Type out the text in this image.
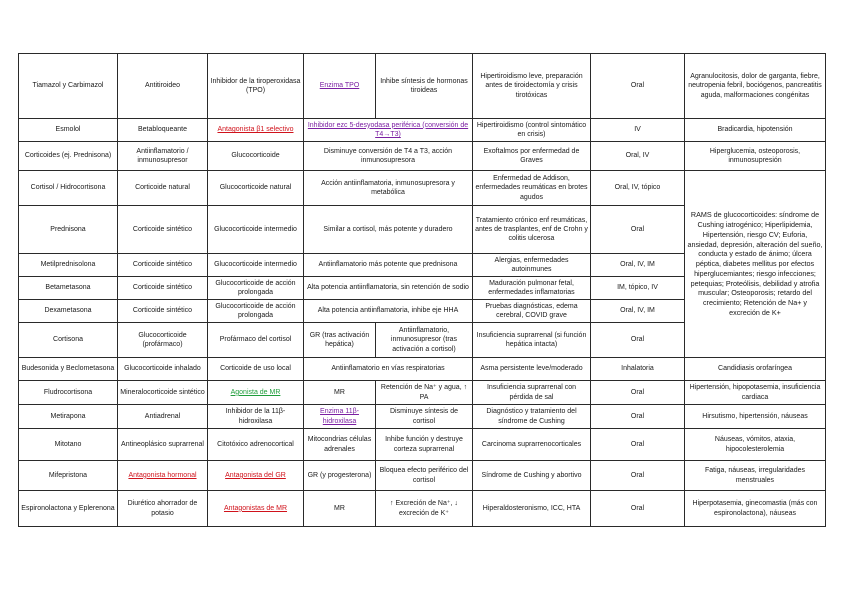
Tiamazol y Carbimazol	Antitiroideo	Inhibidor de la tiroperoxidasa (TPO)	Enzima TPO	Inhibe síntesis de hormonas tiroideas	Hipertiroidismo leve, preparación antes de tiroidectomía y crisis tirotóxicas	Oral	Agranulocitosis, dolor de garganta, fiebre, neutropenia febril, bociógenos, pancreatitis aguda, malformaciones congénitas
Esmolol	Betabloqueante	Antagonista β1 selectivo	Inhibidor ezc 5-desyodasa periférica (conversión de T4→T3)		Hipertiroidismo (control sintomático en crisis)	IV	Bradicardia, hipotensión
Corticoides (ej. Prednisona)	Antiinflamatorio / inmunosupresor	Glucocorticoide	Disminuye conversión de T4 a T3, acción inmunosupresora		Exoftalmos por enfermedad de Graves	Oral, IV	Hiperglucemia, osteoporosis, inmunosupresión
Cortisol / Hidrocortisona	Corticoide natural	Glucocorticoide natural	Acción antiinflamatoria, inmunosupresora y metabólica		Enfermedad de Addison, enfermedades reumáticas en brotes agudos	Oral, IV, tópico	RAMS de glucocorticoides: síndrome de Cushing iatrogénico; Hiperlipidemia, Hipertensión, riesgo CV; Euforia, ansiedad, depresión, alteración del sueño, conducta y estado de ánimo; úlcera péptica, diabetes mellitus por efectos hiperglucemiantes; riesgo infecciones; petequias; Proteólisis, debilidad y atrofia muscular; Osteoporosis; retardo del crecimiento; Retención de Na+ y excreción de K+
Prednisona	Corticoide sintético	Glucocorticoide intermedio	Similar a cortisol, más potente y duradero		Tratamiento crónico enf reumáticas, antes de trasplantes, enf de Crohn y colitis ulcerosa	Oral	
Metilprednisolona	Corticoide sintético	Glucocorticoide intermedio	Antiinflamatorio más potente que prednisona		Alergias, enfermedades autoinmunes	Oral, IV, IM	
Betametasona	Corticoide sintético	Glucocorticoide de acción prolongada	Alta potencia antiinflamatoria, sin retención de sodio		Maduración pulmonar fetal, enfermedades inflamatorias	IM, tópico, IV	
Dexametasona	Corticoide sintético	Glucocorticoide de acción prolongada	Alta potencia antiinflamatoria, inhibe eje HHA		Pruebas diagnósticas, edema cerebral, COVID grave	Oral, IV, IM	
Cortisona	Glucocorticoide (profármaco)	Profármaco del cortisol	GR (tras activación hepática)	Antiinflamatorio, inmunosupresor (tras activación a cortisol)	Insuficiencia suprarrenal (si función hepática intacta)	Oral	
Budesonida y Beclometasona	Glucocorticoide inhalado	Corticoide de uso local	Antiinflamatorio en vías respiratorias		Asma persistente leve/moderado	Inhalatoria	Candidiasis orofaríngea
Fludrocortisona	Mineralocorticoide sintético	Agonista de MR	MR	Retención de Na⁺ y agua, ↑ PA	Insuficiencia suprarrenal con pérdida de sal	Oral	Hipertensión, hipopotasemia, insuficiencia cardiaca
Metirapona	Antiadrenal	Inhibidor de la 11β-hidroxilasa	Enzima 11β-hidroxilasa	Disminuye síntesis de cortisol	Diagnóstico y tratamiento del síndrome de Cushing	Oral	Hirsutismo, hipertensión, náuseas
Mitotano	Antineoplásico suprarrenal	Citotóxico adrenocortical	Mitocondrias células adrenales	Inhibe función y destruye corteza suprarrenal	Carcinoma suprarrenocorticales	Oral	Náuseas, vómitos, ataxia, hipocolesterolemia
Mifepristona	Antagonista hormonal	Antagonista del GR	GR (y progesterona)	Bloquea efecto periférico del cortisol	Síndrome de Cushing y abortivo	Oral	Fatiga, náuseas, irregularidades menstruales
Espironolactona y Eplerenona	Diurético ahorrador de potasio	Antagonistas de MR	MR	↑ Excreción de Na⁺, ↓ excreción de K⁺	Hiperaldosteronismo, ICC, HTA	Oral	Hiperpotasemia, ginecomastia (más con espironolactona), náuseas
